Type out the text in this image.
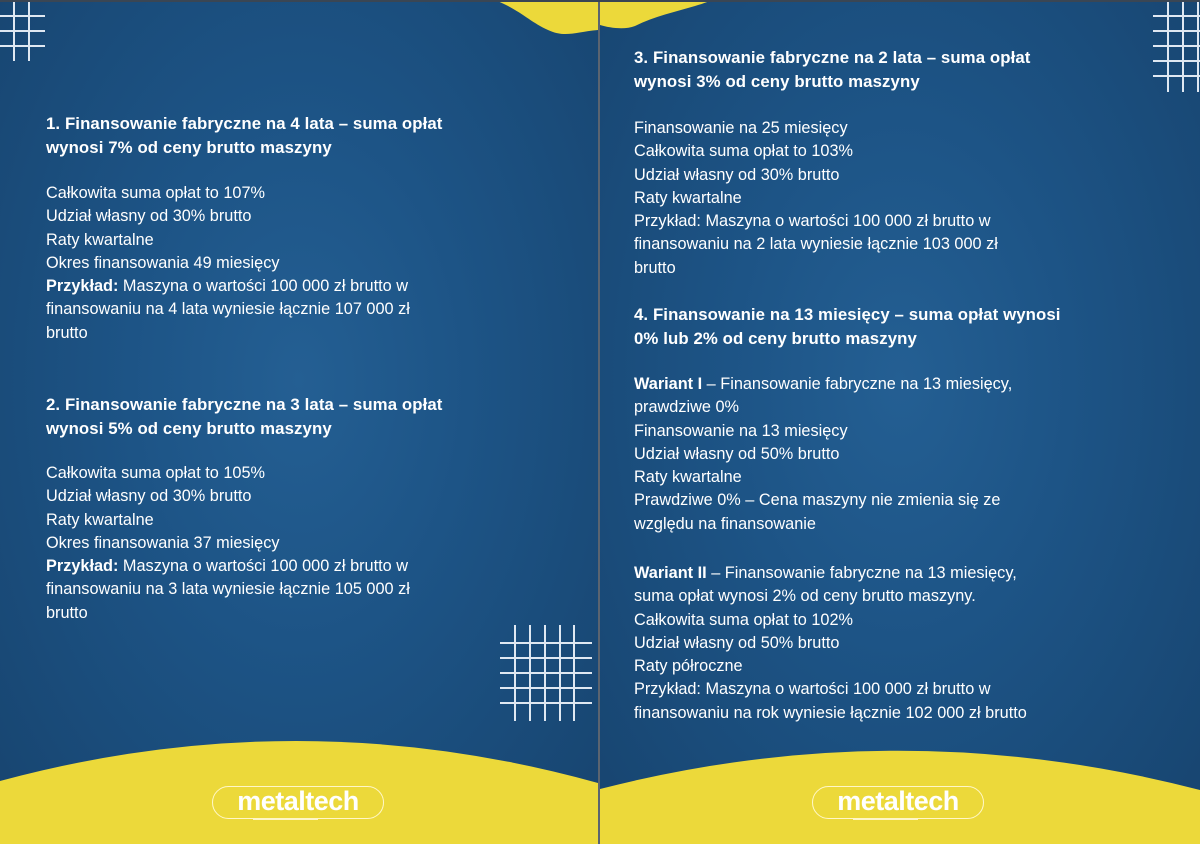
1. Finansowanie fabryczne na 4 lata – suma opłat
wynosi 7% od ceny brutto maszyny
Całkowita suma opłat to 107%
Udział własny od 30% brutto
Raty kwartalne
Okres finansowania 49 miesięcy
Przykład: Maszyna o wartości 100 000 zł brutto w
finansowaniu na 4 lata wyniesie łącznie 107 000 zł
brutto
2. Finansowanie fabryczne na 3 lata – suma opłat
wynosi 5% od ceny brutto maszyny
Całkowita suma opłat to 105%
Udział własny od 30% brutto
Raty kwartalne
Okres finansowania 37 miesięcy
Przykład: Maszyna o wartości 100 000 zł brutto w
finansowaniu na 3 lata wyniesie łącznie 105 000 zł
brutto
metaltech
3. Finansowanie fabryczne na 2 lata – suma opłat
wynosi 3% od ceny brutto maszyny
Finansowanie na 25 miesięcy
Całkowita suma opłat to 103%
Udział własny od 30% brutto
Raty kwartalne
Przykład: Maszyna o wartości 100 000 zł brutto w
finansowaniu na 2 lata wyniesie łącznie 103 000 zł
brutto
4. Finansowanie na 13 miesięcy – suma opłat wynosi
0% lub 2% od ceny brutto maszyny
Wariant I – Finansowanie fabryczne na 13 miesięcy,
prawdziwe 0%
Finansowanie na 13 miesięcy
Udział własny od 50% brutto
Raty kwartalne
Prawdziwe 0% – Cena maszyny nie zmienia się ze
względu na finansowanie
Wariant II – Finansowanie fabryczne na 13 miesięcy,
suma opłat wynosi 2% od ceny brutto maszyny.
Całkowita suma opłat to 102%
Udział własny od 50% brutto
Raty półroczne
Przykład: Maszyna o wartości 100 000 zł brutto w
finansowaniu na rok wyniesie łącznie 102 000 zł brutto
metaltech
